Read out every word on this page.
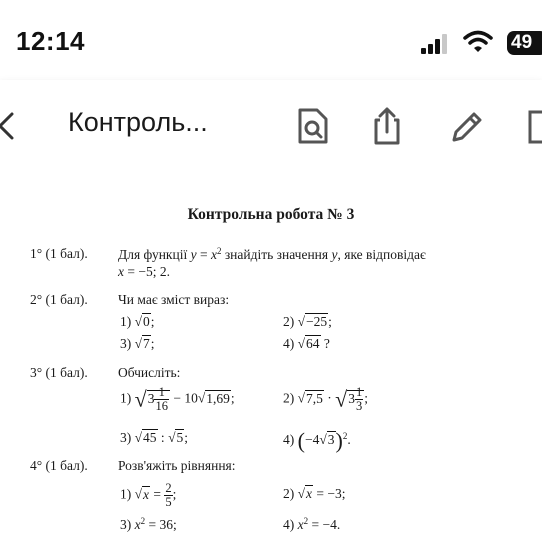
12:14	49
Контроль...
Контрольна робота № 3
1° (1 бал). Для функції $y = x^2$ знайдіть значення y, яке відповідає
x = −5; 2.
2° (1 бал). Чи має зміст вираз:
1) √0;	2) √−25;
3) √7;	4) √64 ?
3° (1 бал). Обчисліть:
1) $√3 \frac{1}{16} - 10√1,69$;	2) $√7,5 \cdot √3 \frac{1}{3}$ ;
3) √45 : √5;	4) $(-4√3)^2$.
4° (1 бал). Розв'яжіть рівняння:
1) $√x = \frac{2}{5}$ ;	2) √x = −3;
3) $x^2 = 36$;	4) $x^2 = -4$.
